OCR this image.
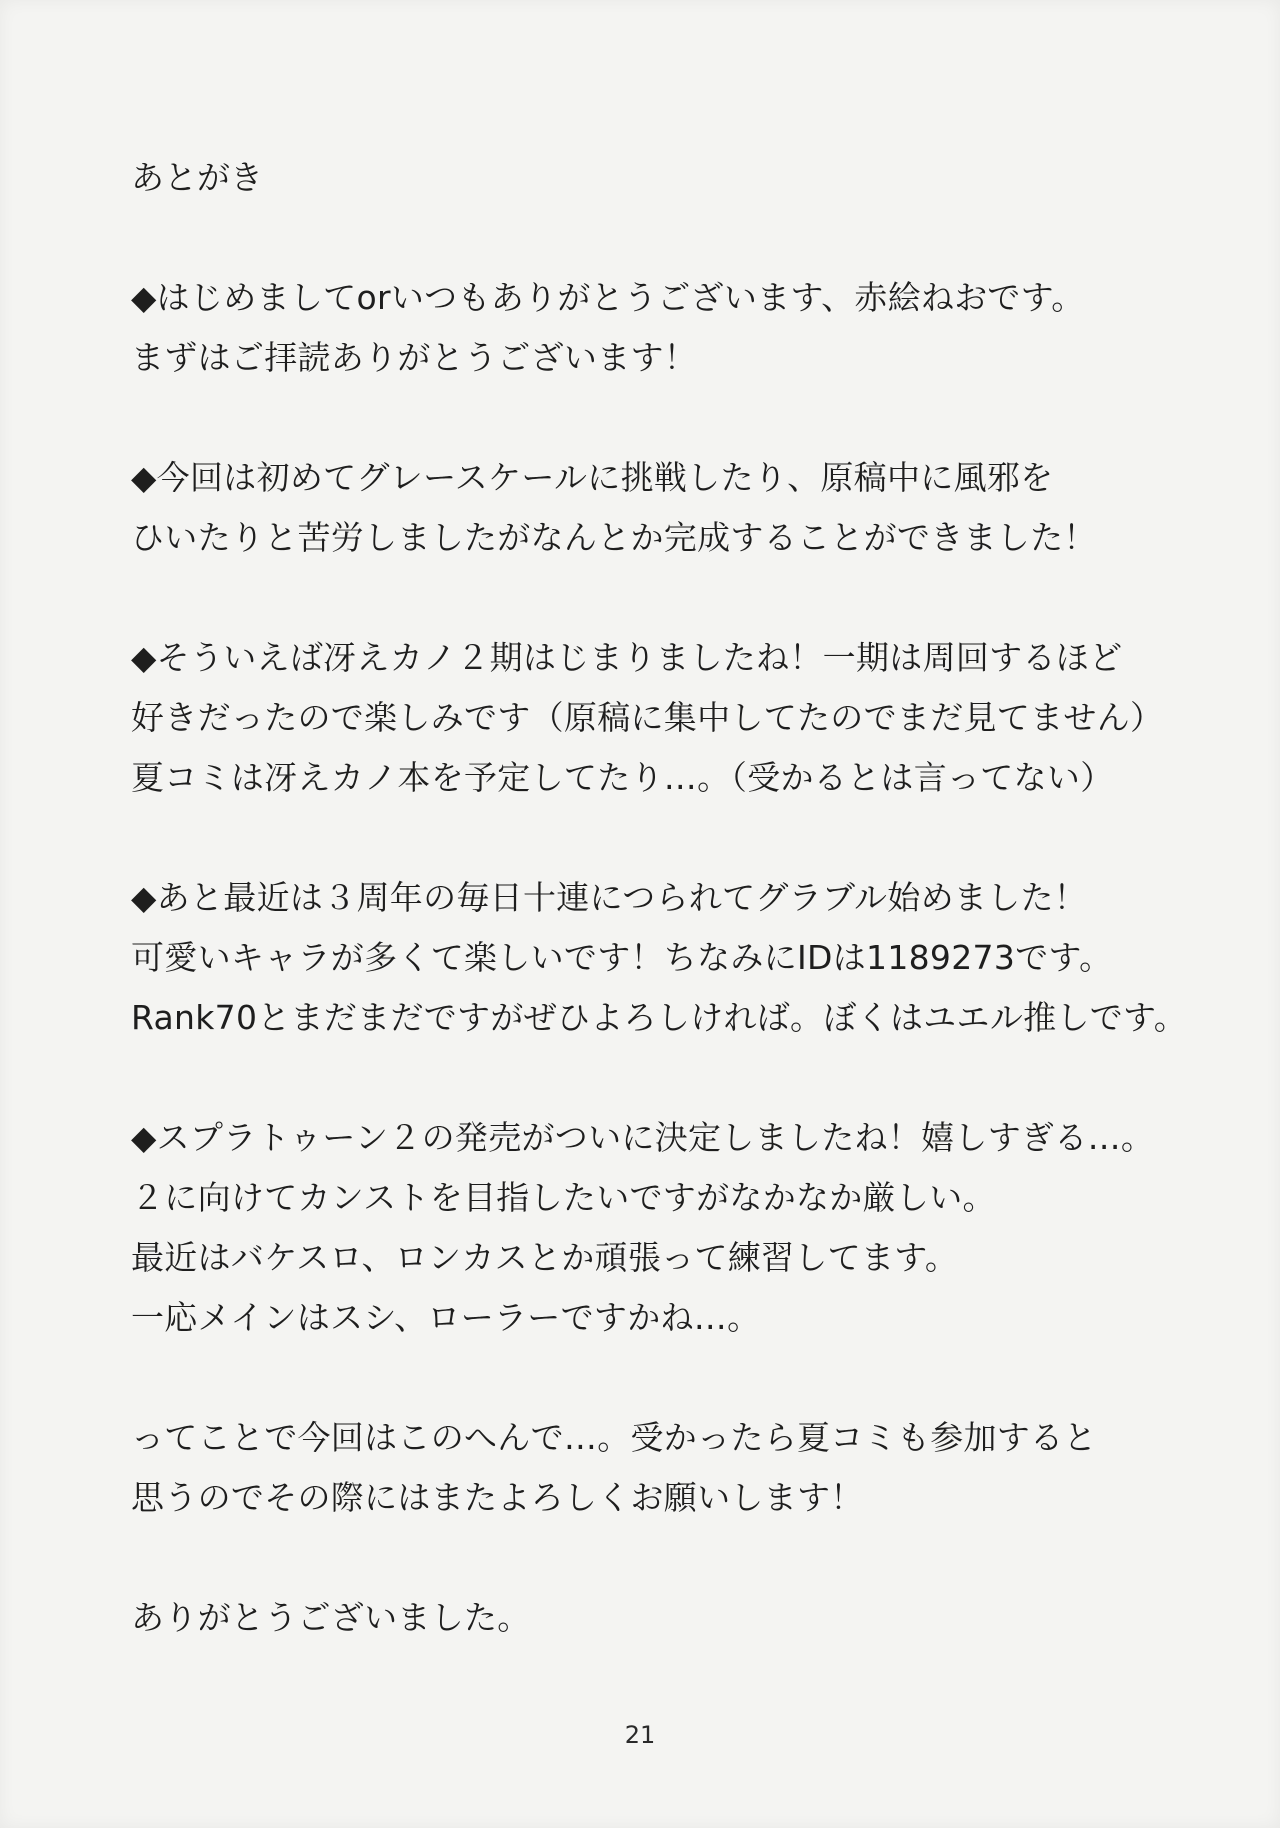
あとがき
◆はじめましてorいつもありがとうございます、赤絵ねおです。
まずはご拝読ありがとうございます！
◆今回は初めてグレースケールに挑戦したり、原稿中に風邪を
ひいたりと苦労しましたがなんとか完成することができました！
◆そういえば冴えカノ２期はじまりましたね！一期は周回するほど
好きだったので楽しみです（原稿に集中してたのでまだ見てません）
夏コミは冴えカノ本を予定してたり…。（受かるとは言ってない）
◆あと最近は３周年の毎日十連につられてグラブル始めました！
可愛いキャラが多くて楽しいです！ちなみにIDは1189273です。
Rank70とまだまだですがぜひよろしければ。ぼくはユエル推しです。
◆スプラトゥーン２の発売がついに決定しましたね！嬉しすぎる…。
２に向けてカンストを目指したいですがなかなか厳しい。
最近はバケスロ、ロンカスとか頑張って練習してます。
一応メインはスシ、ローラーですかね…。
ってことで今回はこのへんで…。受かったら夏コミも参加すると
思うのでその際にはまたよろしくお願いします！
ありがとうございました。
21
